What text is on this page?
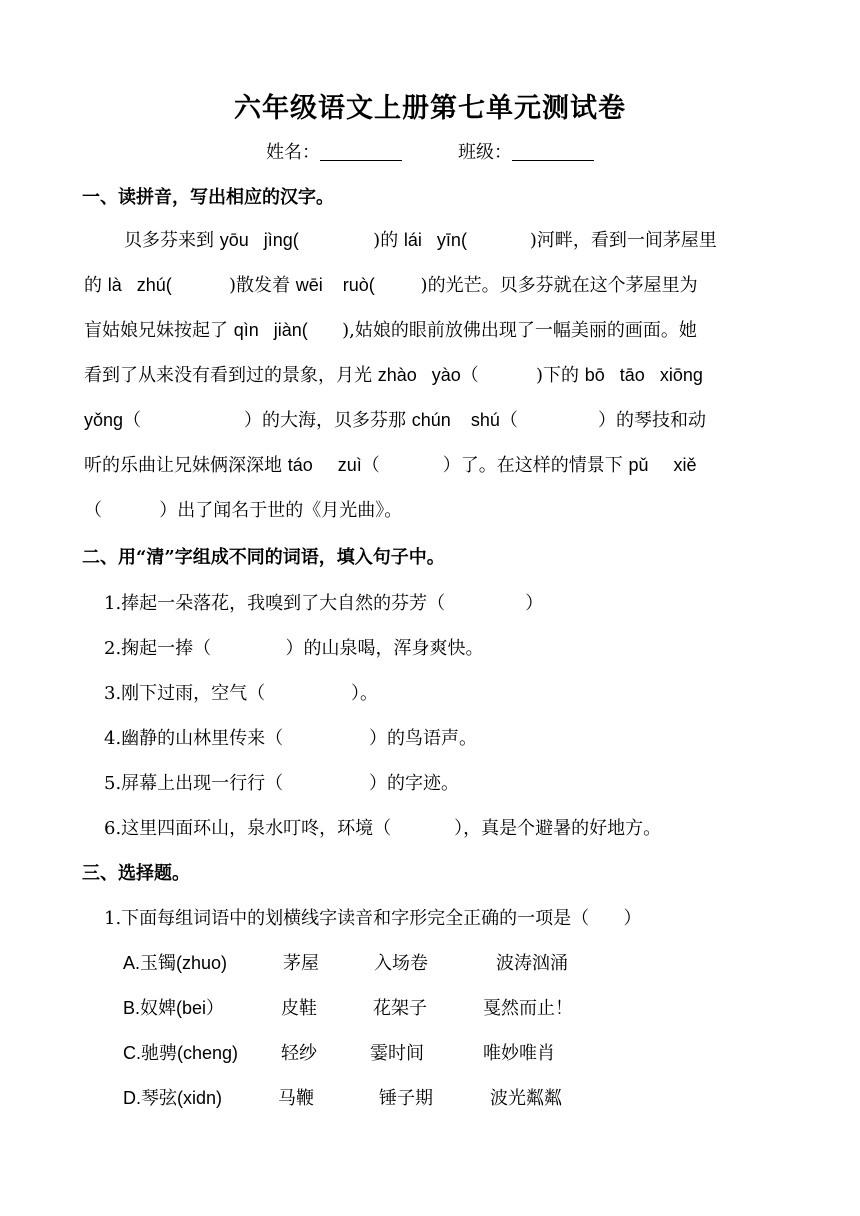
六年级语文上册第七单元测试卷
姓名：	班级：
一、读拼音，写出相应的汉字。
贝多芬来到 yōu   jìng(	)的 lái   yīn(	)河畔，看到一间茅屋里
的 là   zhú(	)散发着 wēi    ruò(	)的光芒。贝多芬就在这个茅屋里为
盲姑娘兄妹按起了 qìn   jiàn( ),姑娘的眼前放佛出现了一幅美丽的画面。她
看到了从来没有看到过的景象，月光 zhào   yào（          )下的 bō   tāo   xiōng
yǒng（                  ）的大海，贝多芬那 chún    shú（              ）的琴技和动
听的乐曲让兄妹俩深深地 táo     zuì（           ）了。在这样的情景下 pǔ     xiě
（          ）出了闻名于世的《月光曲》。
二、用“清”字组成不同的词语，填入句子中。
1.捧起一朵落花，我嗅到了大自然的芬芳（              ）
2.掬起一捧（             ）的山泉喝，浑身爽快。
3.刚下过雨，空气（               ）。
4.幽静的山林里传来（               ）的鸟语声。
5.屏幕上出现一行行（               ）的字迹。
6.这里四面环山，泉水叮咚，环境（           ），真是个避暑的好地方。
三、选择题。
1.下面每组词语中的划横线字读音和字形完全正确的一项是（      ）
A.玉镯(zhuo)	茅屋	入场卷	波涛汹涌
B.奴婢(bei）	皮鞋	花架子	戛然而止！
C.驰骋(cheng) 轻纱	霎时间	唯妙唯肖
D.琴弦(xidn)	马鞭	锤子期	波光粼粼
